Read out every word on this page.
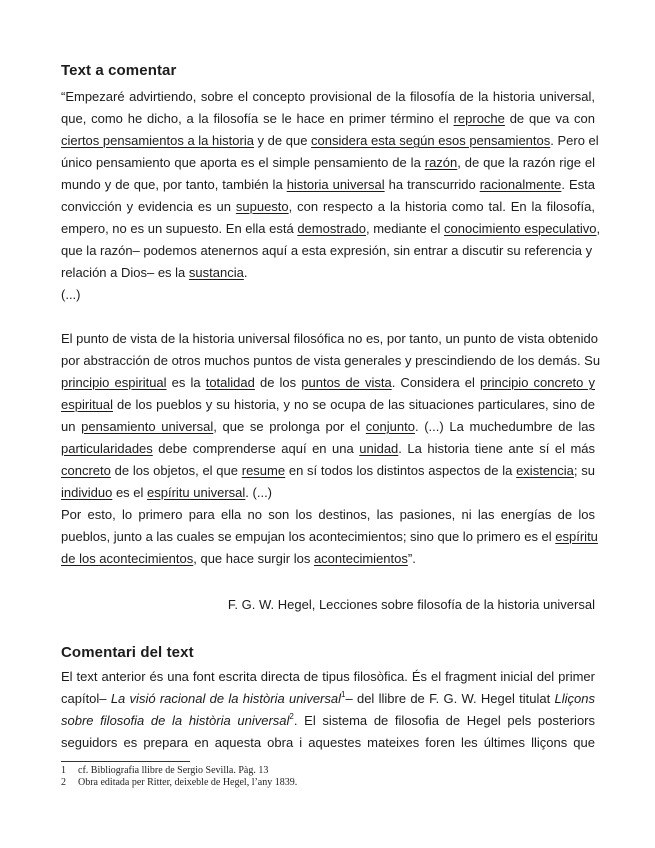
Text a comentar
“Empezaré advirtiendo, sobre el concepto provisional de la filosofía de la historia universal,
que, como he dicho, a la filosofía se le hace en primer término el reproche de que va con
ciertos pensamientos a la historia y de que considera esta según esos pensamientos. Pero el
único pensamiento que aporta es el simple pensamiento de la razón, de que la razón rige el
mundo y de que, por tanto, también la historia universal ha transcurrido racionalmente. Esta
convicción y evidencia es un supuesto, con respecto a la historia como tal. En la filosofía,
empero, no es un supuesto. En ella está demostrado, mediante el conocimiento especulativo,
que la razón– podemos atenernos aquí a esta expresión, sin entrar a discutir su referencia y
relación a Dios– es la sustancia.
(...)
El punto de vista de la historia universal filosófica no es, por tanto, un punto de vista obtenido
por abstracción de otros muchos puntos de vista generales y prescindiendo de los demás. Su
principio espiritual es la totalidad de los puntos de vista. Considera el principio concreto y
espiritual de los pueblos y su historia, y no se ocupa de las situaciones particulares, sino de
un pensamiento universal, que se prolonga por el conjunto. (...) La muchedumbre de las
particularidades debe comprenderse aquí en una unidad. La historia tiene ante sí el más
concreto de los objetos, el que resume en sí todos los distintos aspectos de la existencia; su
individuo es el espíritu universal. (...)
Por esto, lo primero para ella no son los destinos, las pasiones, ni las energías de los
pueblos, junto a las cuales se empujan los acontecimientos; sino que lo primero es el espíritu
de los acontecimientos, que hace surgir los acontecimientos”.
F. G. W. Hegel, Lecciones sobre filosofía de la historia universal
Comentari del text
El text anterior és una font escrita directa de tipus filosòfica. És el fragment inicial del primer
capítol– La visió racional de la història universal$^1$– del llibre de F. G. W. Hegel titulat Lliçons
sobre filosofia de la història universal$^2$. El sistema de filosofia de Hegel pels posteriors
seguidors es prepara en aquesta obra i aquestes mateixes foren les últimes lliçons que
1 cf. Bibliografia llibre de Sergio Sevilla. Pàg. 13
2 Obra editada per Ritter, deixeble de Hegel, l’any 1839.
